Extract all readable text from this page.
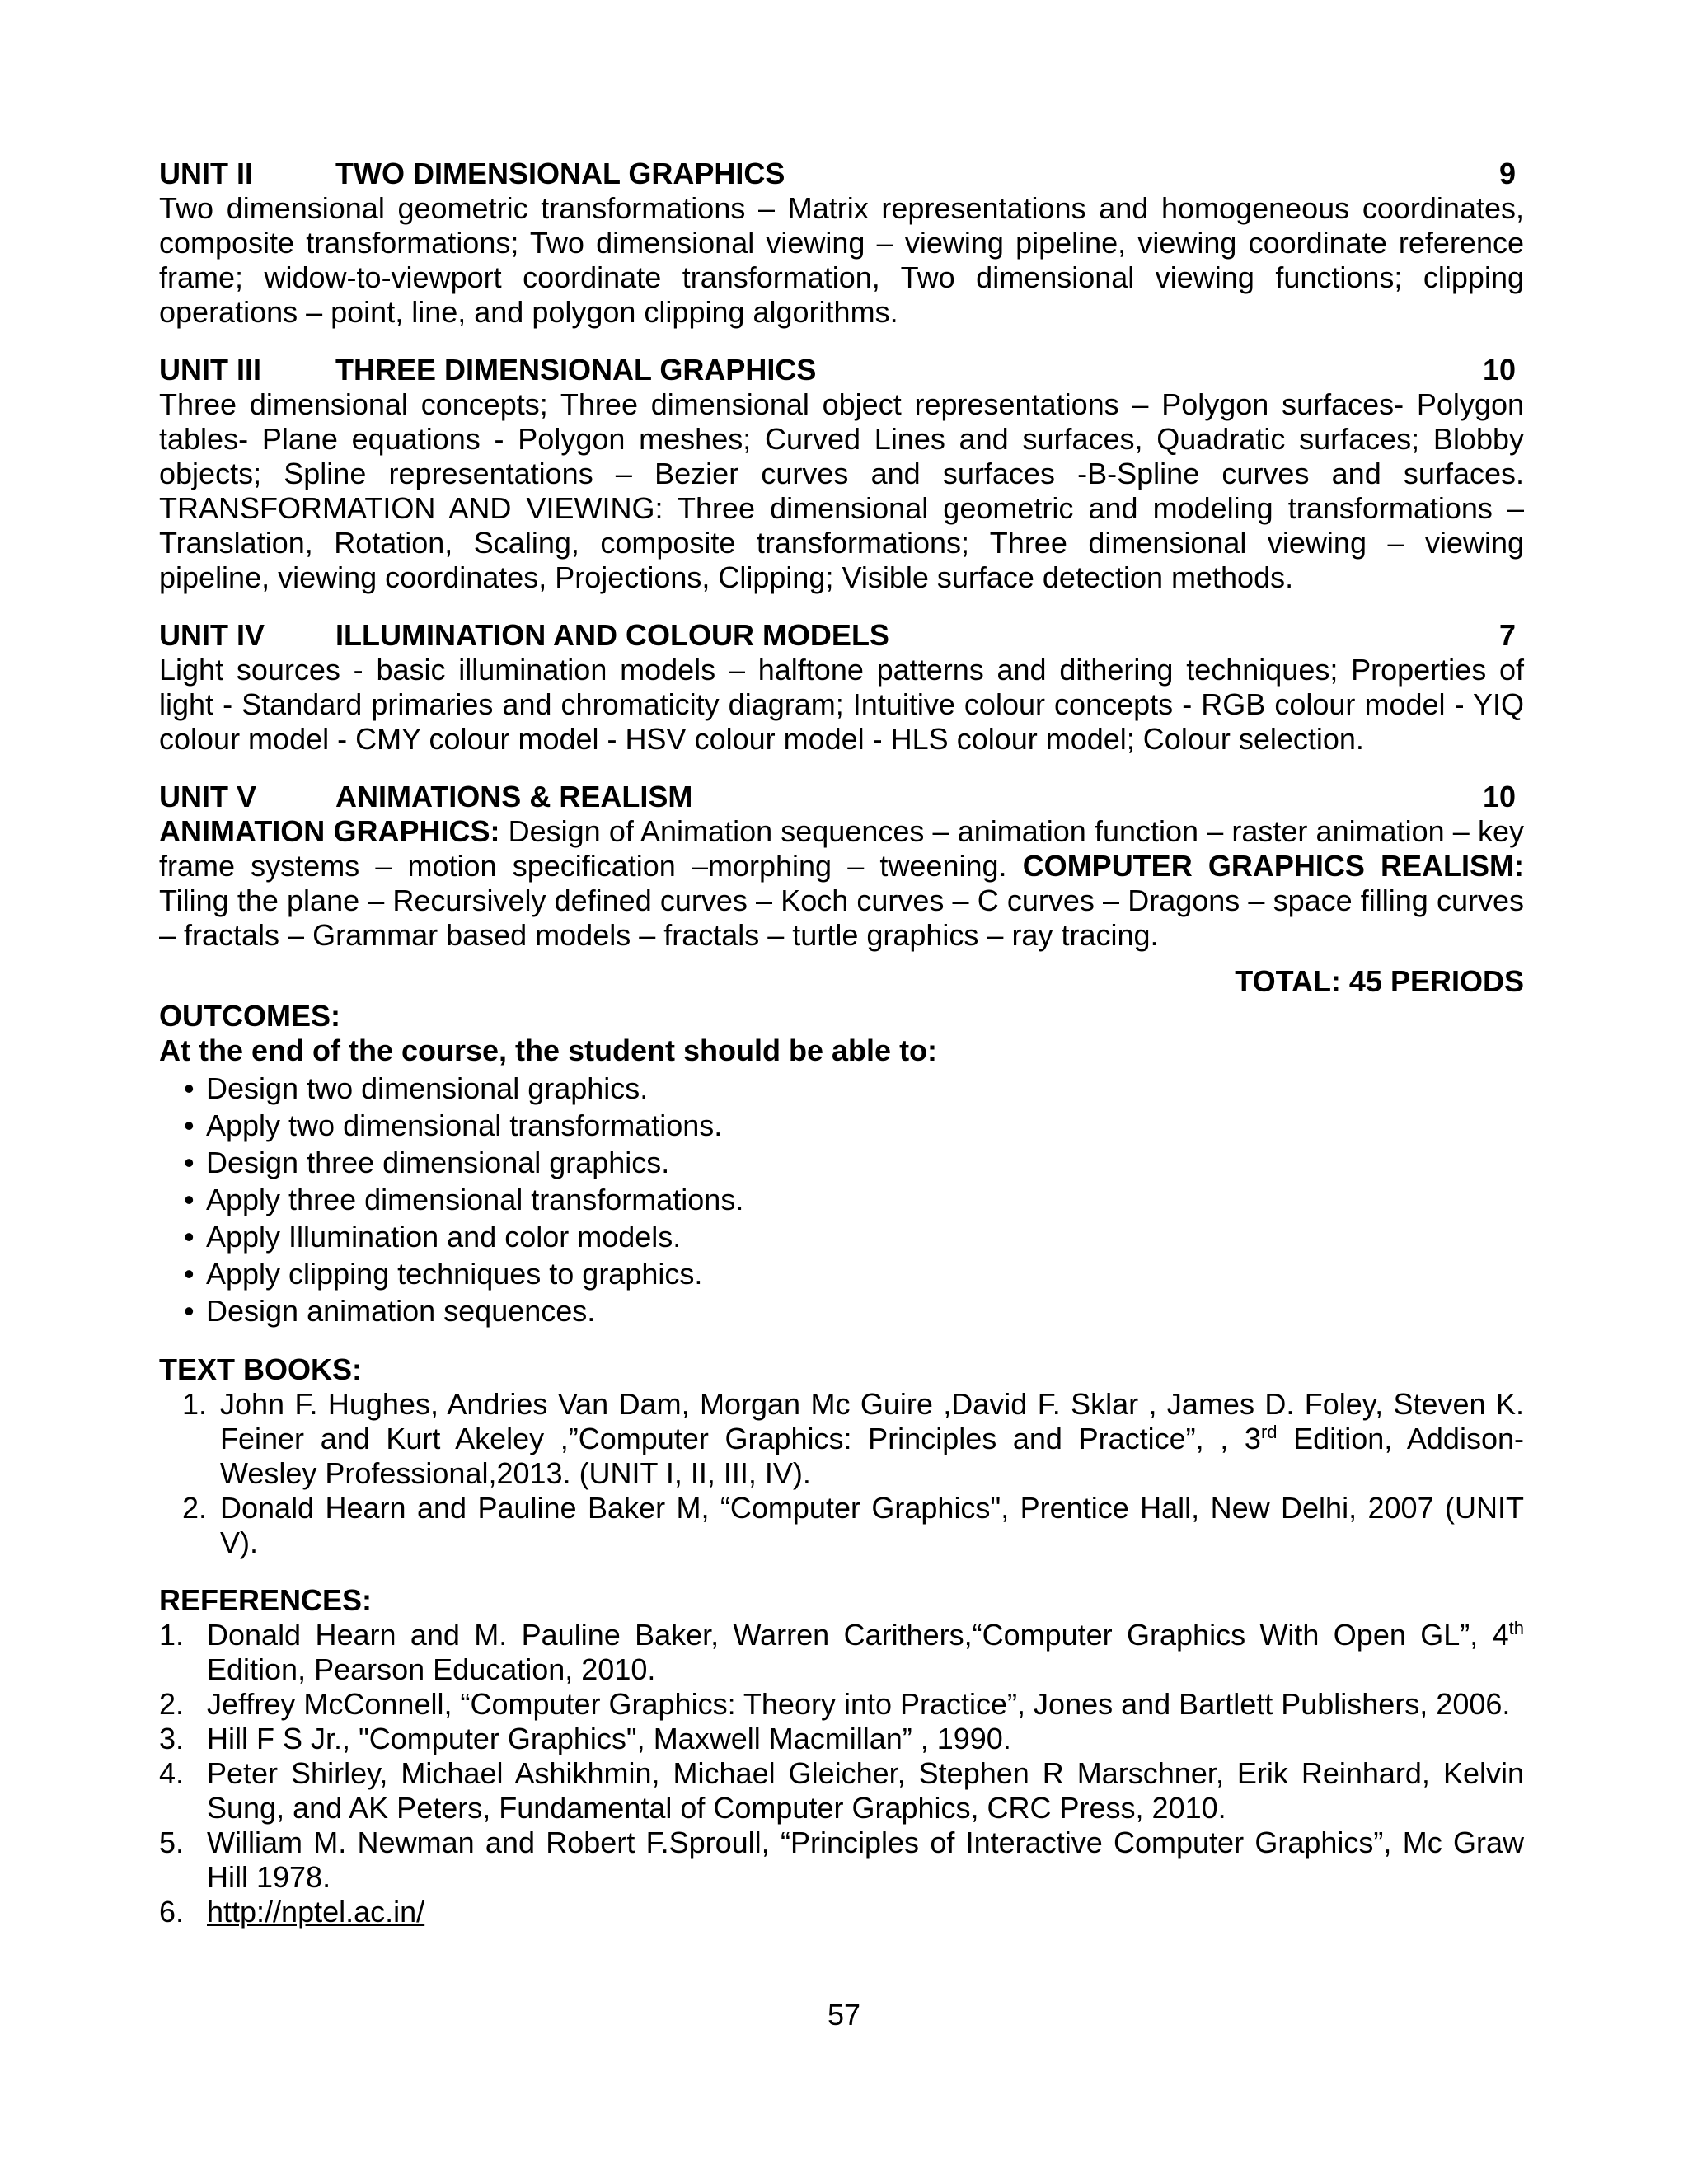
UNIT II	TWO DIMENSIONAL GRAPHICS	9

Two dimensional geometric transformations – Matrix representations and homogeneous coordinates, composite transformations; Two dimensional viewing – viewing pipeline, viewing coordinate reference frame; widow-to-viewport coordinate transformation, Two dimensional viewing functions; clipping operations – point, line, and polygon clipping algorithms.

UNIT III	THREE DIMENSIONAL GRAPHICS	10

Three dimensional concepts; Three dimensional object representations – Polygon surfaces- Polygon tables- Plane equations - Polygon meshes; Curved Lines and surfaces, Quadratic surfaces; Blobby objects; Spline representations – Bezier curves and surfaces -B-Spline curves and surfaces. TRANSFORMATION AND VIEWING: Three dimensional geometric and modeling transformations – Translation, Rotation, Scaling, composite transformations; Three dimensional viewing – viewing pipeline, viewing coordinates, Projections, Clipping; Visible surface detection methods.

UNIT IV	ILLUMINATION AND COLOUR MODELS	7

Light sources - basic illumination models – halftone patterns and dithering techniques; Properties of light - Standard primaries and chromaticity diagram; Intuitive colour concepts - RGB colour model - YIQ colour model - CMY colour model - HSV colour model - HLS colour model; Colour selection.

UNIT V	ANIMATIONS & REALISM	10

ANIMATION GRAPHICS: Design of Animation sequences – animation function – raster animation – key frame systems – motion specification –morphing – tweening. COMPUTER GRAPHICS REALISM: Tiling the plane – Recursively defined curves – Koch curves – C curves – Dragons – space filling curves – fractals – Grammar based models – fractals – turtle graphics – ray tracing.

TOTAL: 45 PERIODS

OUTCOMES:

At the end of the course, the student should be able to:

• Design two dimensional graphics.
• Apply two dimensional transformations.
• Design three dimensional graphics.
• Apply three dimensional transformations.
• Apply Illumination and color models.
• Apply clipping techniques to graphics.
• Design animation sequences.

TEXT BOOKS:

1. John F. Hughes, Andries Van Dam, Morgan Mc Guire ,David F. Sklar , James D. Foley, Steven K. Feiner and Kurt Akeley ,”Computer Graphics: Principles and Practice”, , 3rd Edition, Addison-Wesley Professional,2013. (UNIT I, II, III, IV).
2. Donald Hearn and Pauline Baker M, “Computer Graphics", Prentice Hall, New Delhi, 2007 (UNIT V).

REFERENCES:

1. Donald Hearn and M. Pauline Baker, Warren Carithers,“Computer Graphics With Open GL”, 4th Edition, Pearson Education, 2010.
2. Jeffrey McConnell, “Computer Graphics: Theory into Practice”, Jones and Bartlett Publishers, 2006.
3. Hill F S Jr., "Computer Graphics", Maxwell Macmillan” , 1990.
4. Peter Shirley, Michael Ashikhmin, Michael Gleicher, Stephen R Marschner, Erik Reinhard, Kelvin Sung, and AK Peters, Fundamental of Computer Graphics, CRC Press, 2010.
5. William M. Newman and Robert F.Sproull, “Principles of Interactive Computer Graphics”, Mc Graw Hill 1978.
6. http://nptel.ac.in/
57
